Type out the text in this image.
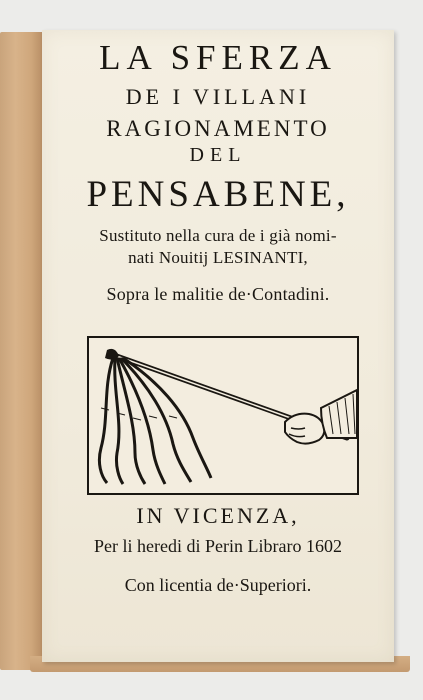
LA SFERZA

DE I VILLANI

RAGIONAMENTO

DEL

PENSABENE,

Sustituto nella cura de i già nomi-

nati Nouitij LESINANTI,

Sopra le malitie de·Contadini.

IN VICENZA,

Per li heredi di Perin Libraro 1602

Con licentia de·Superiori.
